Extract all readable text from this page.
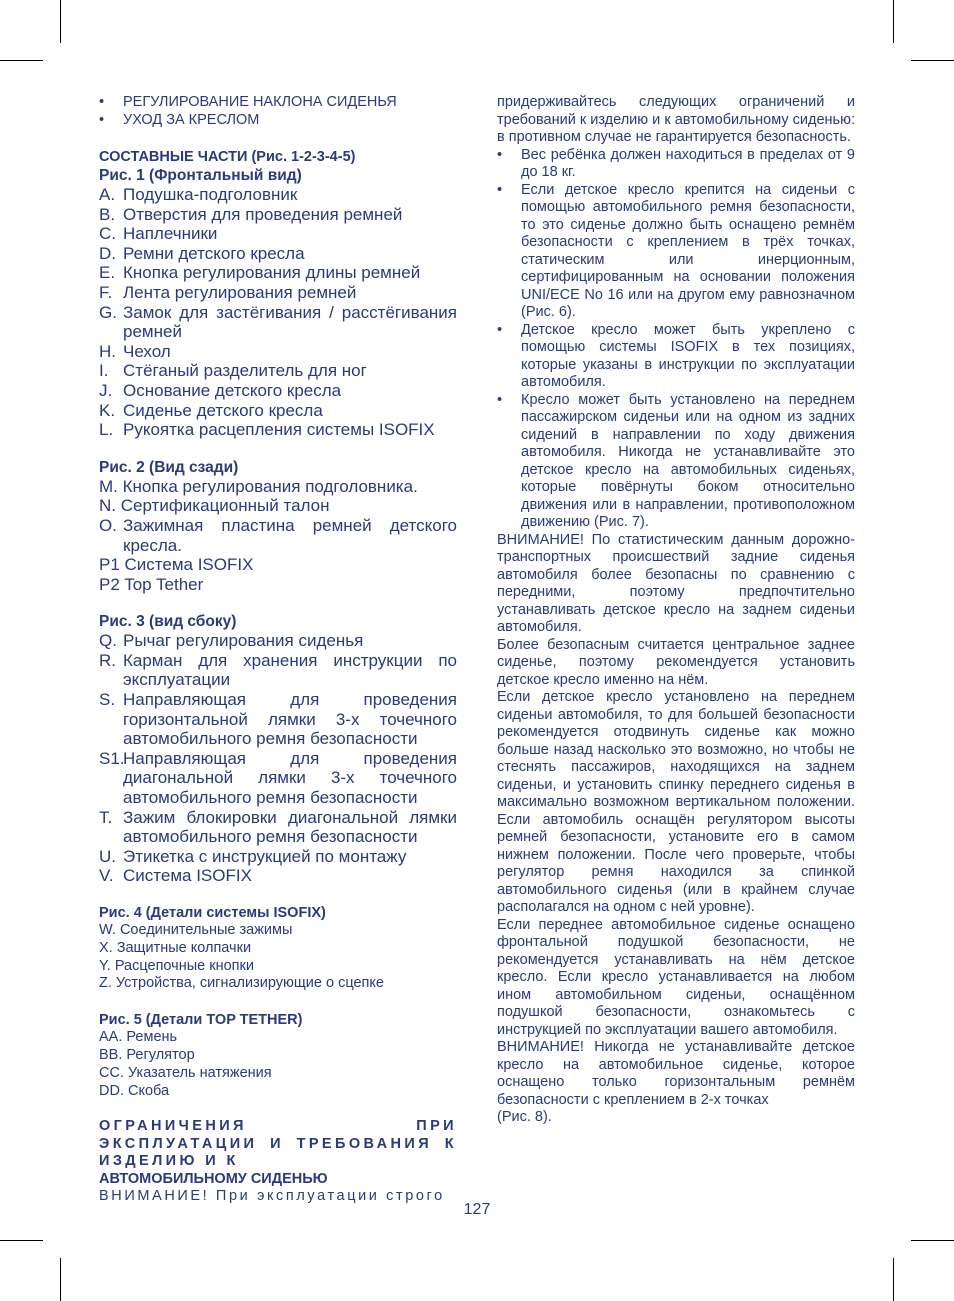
• РЕГУЛИРОВАНИЕ НАКЛОНА СИДЕНЬЯ
• УХОД ЗА КРЕСЛОМ

СОСТАВНЫЕ ЧАСТИ (Рис. 1-2-3-4-5)

Рис. 1 (Фронтальный вид)

A. Подушка-подголовник
B. Отверстия для проведения ремней
C. Наплечники
D. Ремни детского кресла
E. Кнопка регулирования длины ремней
F. Лента регулирования ремней
G. Замок для застёгивания / расстёгивания ремней
H. Чехол
I. Стёганый разделитель для ног
J. Основание детского кресла
K. Сиденье детского кресла
L. Рукоятка расцепления системы ISOFIX

Рис. 2 (Вид сзади)

M. Кнопка регулирования подголовника.
N. Сертификационный талон
O. Зажимная пластина ремней детского кресла.
P1 Система ISOFIX
P2 Top Tether

Рис. 3 (вид сбоку)

Q. Рычаг регулирования сиденья
R. Карман для хранения инструкции по эксплуатации
S. Направляющая для проведения горизонтальной лямки 3-х точечного автомобильного ремня безопасности
S1.
Направляющая для проведения диагональной лямки 3-х точечного автомобильного ремня безопасности
T. Зажим блокировки диагональной лямки автомобильного ремня безопасности
U. Этикетка с инструкцией по монтажу
V. Система ISOFIX

Рис. 4 (Детали системы ISOFIX)

W. Соединительные зажимы
X. Защитные колпачки
Y. Расцепочные кнопки
Z. Устройства, сигнализирующие о сцепке

Рис. 5 (Детали TOP TETHER)

AA. Ремень
BB. Регулятор
CC. Указатель натяжения
DD. Скоба

ОГРАНИЧЕНИЯ ПРИ ЭКСПЛУАТАЦИИ И ТРЕБОВАНИЯ К ИЗДЕЛИЮ И К
АВТОМОБИЛЬНОМУ СИДЕНЬЮ

ВНИМАНИЕ! При эксплуатации строго

придерживайтесь следующих ограничений и требований к изделию и к автомобильному сиденью: в противном случае не гарантируется безопасность.

• Вес ребёнка должен находиться в пределах от 9 до 18 кг.
• Если детское кресло крепится на сиденьи с помощью автомобильного ремня безопасности, то это сиденье должно быть оснащено ремнём безопасности с креплением в трёх точках, статическим или инерционным, сертифицированным на основании положения UNI/ECE No 16 или на другом ему равнозначном (Рис. 6).
• Детское кресло может быть укреплено с помощью системы ISOFIX в тех позициях, которые указаны в инструкции по эксплуатации автомобиля.
• Кресло может быть установлено на переднем пассажирском сиденьи или на одном из задних сидений в направлении по ходу движения автомобиля. Никогда не устанавливайте это детское кресло на автомобильных сиденьях, которые повёрнуты боком относительно движения или в направлении, противоположном движению (Рис. 7).

ВНИМАНИЕ! По статистическим данным дорожно-транспортных происшествий задние сиденья автомобиля более безопасны по сравнению с передними, поэтому предпочтительно устанавливать детское кресло на заднем сиденьи автомобиля.

Более безопасным считается центральное заднее сиденье, поэтому рекомендуется установить детское кресло именно на нём.

Если детское кресло установлено на переднем сиденьи автомобиля, то для большей безопасности рекомендуется отодвинуть сиденье как можно больше назад насколько это возможно, но чтобы не стеснять пассажиров, находящихся на заднем сиденьи, и установить спинку переднего сиденья в максимально возможном вертикальном положении. Если автомобиль оснащён регулятором высоты ремней безопасности, установите его в самом нижнем положении. После чего проверьте, чтобы регулятор ремня находился за спинкой автомобильного сиденья (или в крайнем случае располагался на одном с ней уровне).

Если переднее автомобильное сиденье оснащено фронтальной подушкой безопасности, не рекомендуется устанавливать на нём детское кресло. Если кресло устанавливается на любом ином автомобильном сиденьи, оснащённом подушкой безопасности, ознакомьтесь с инструкцией по эксплуатации вашего автомобиля.

ВНИМАНИЕ! Никогда не устанавливайте детское кресло на автомобильное сиденье, которое оснащено только горизонтальным ремнём безопасности с креплением в 2-х точках

(Рис. 8).

127
